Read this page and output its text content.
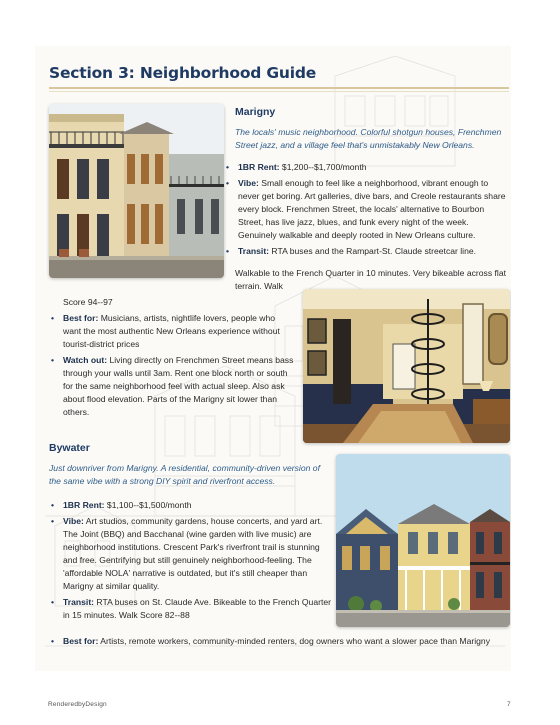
Section 3: Neighborhood Guide
Marigny

The locals' music neighborhood. Colorful shotgun houses, Frenchmen Street jazz, and a village feel that's unmistakably New Orleans.

• 1BR Rent: $1,200--$1,700/month
• Vibe: Small enough to feel like a neighborhood, vibrant enough to never get boring. Art galleries, dive bars, and Creole restaurants share every block. Frenchmen Street, the locals' alternative to Bourbon Street, has live jazz, blues, and funk every night of the week. Genuinely walkable and deeply rooted in New Orleans culture.
• Transit: RTA buses and the Rampart-St. Claude streetcar line.

Walkable to the French Quarter in 10 minutes. Very bikeable across flat terrain. Walk

Score 94--97

• Best for: Musicians, artists, nightlife lovers, people who want the most authentic New Orleans experience without tourist-district prices
• Watch out: Living directly on Frenchmen Street means bass through your walls until 3am. Rent one block north or south for the same neighborhood feel with actual sleep. Also ask about flood elevation. Parts of the Marigny sit lower than others.
Bywater

Just downriver from Marigny. A residential, community-driven version of the same vibe with a strong DIY spirit and riverfront access.

• 1BR Rent: $1,100--$1,500/month
• Vibe: Art studios, community gardens, house concerts, and yard art. The Joint (BBQ) and Bacchanal (wine garden with live music) are neighborhood institutions. Crescent Park's riverfront trail is stunning and free. Gentrifying but still genuinely neighborhood-feeling. The 'affordable NOLA' narrative is outdated, but it's still cheaper than Marigny at similar quality.
• Transit: RTA buses on St. Claude Ave. Bikeable to the French Quarter in 15 minutes. Walk Score 82--88
• Best for: Artists, remote workers, community-minded renters, dog owners who want a slower pace than Marigny
RenderedbyDesign	7
